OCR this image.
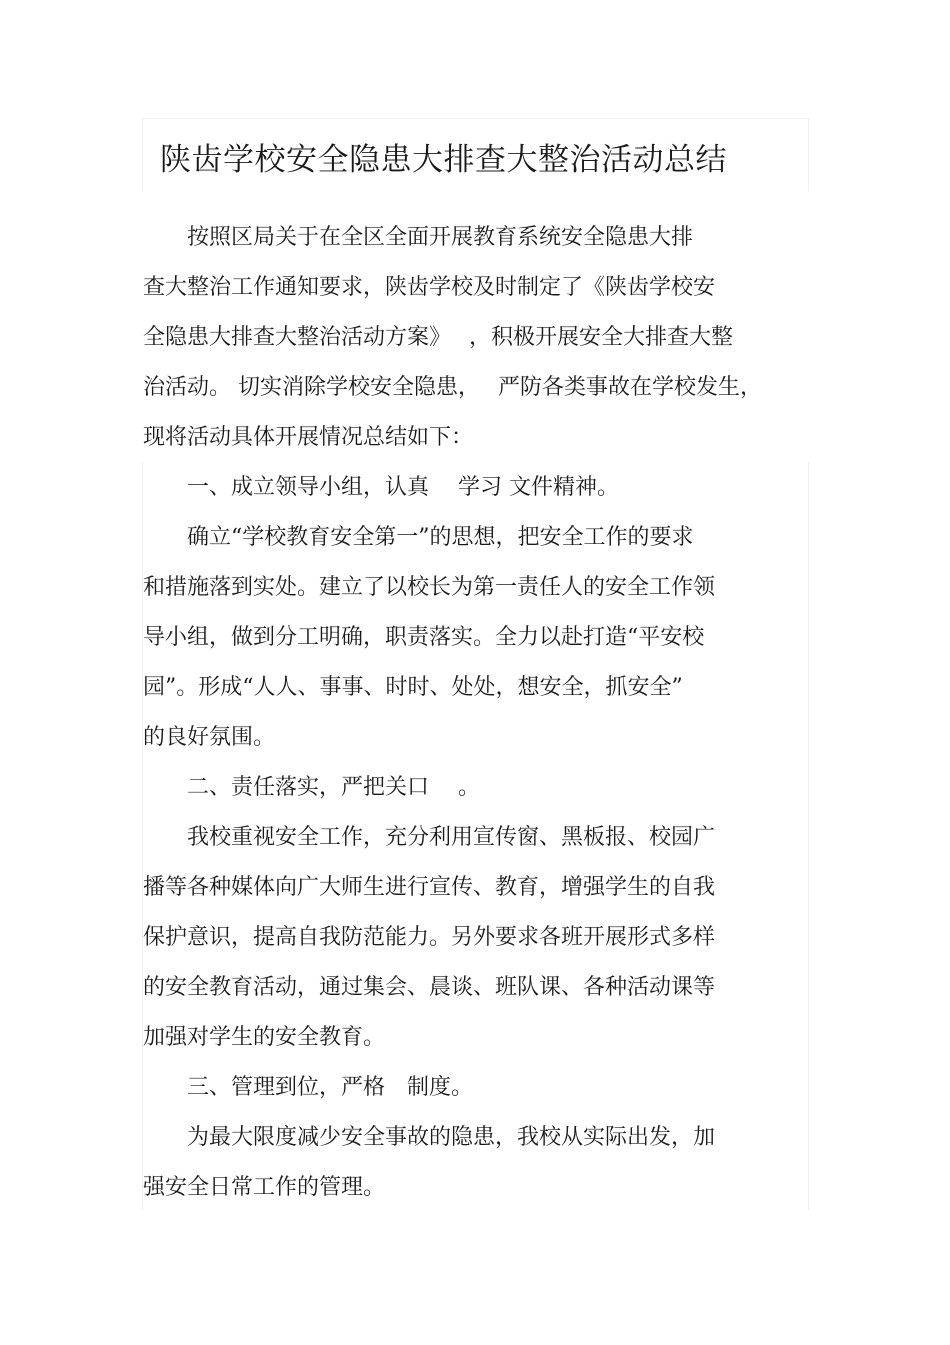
陕齿学校安全隐患大排查大整治活动总结

　　按照区局关于在全区全面开展教育系统安全隐患大排

查大整治工作通知要求，陕齿学校及时制定了《陕齿学校安

全隐患大排查大整治活动方案》　 ，积极开展安全大排查大整

治活动。 切实消除学校安全隐患，　 严防各类事故在学校发生，

现将活动具体开展情况总结如下：

　　一、成立领导小组，认真　 学习 文件精神。

　　确立“学校教育安全第一”的思想，把安全工作的要求

和措施落到实处。建立了以校长为第一责任人的安全工作领

导小组，做到分工明确，职责落实。全力以赴打造“平安校

园”。形成“人人、事事、时时、处处，想安全，抓安全”

的良好氛围。

　　二、责任落实，严把关口　 。

　　我校重视安全工作，充分利用宣传窗、黑板报、校园广

播等各种媒体向广大师生进行宣传、教育，增强学生的自我

保护意识，提高自我防范能力。另外要求各班开展形式多样

的安全教育活动，通过集会、晨谈、班队课、各种活动课等

加强对学生的安全教育。

　　三、管理到位，严格　制度。

　　为最大限度减少安全事故的隐患，我校从实际出发，加

强安全日常工作的管理。
